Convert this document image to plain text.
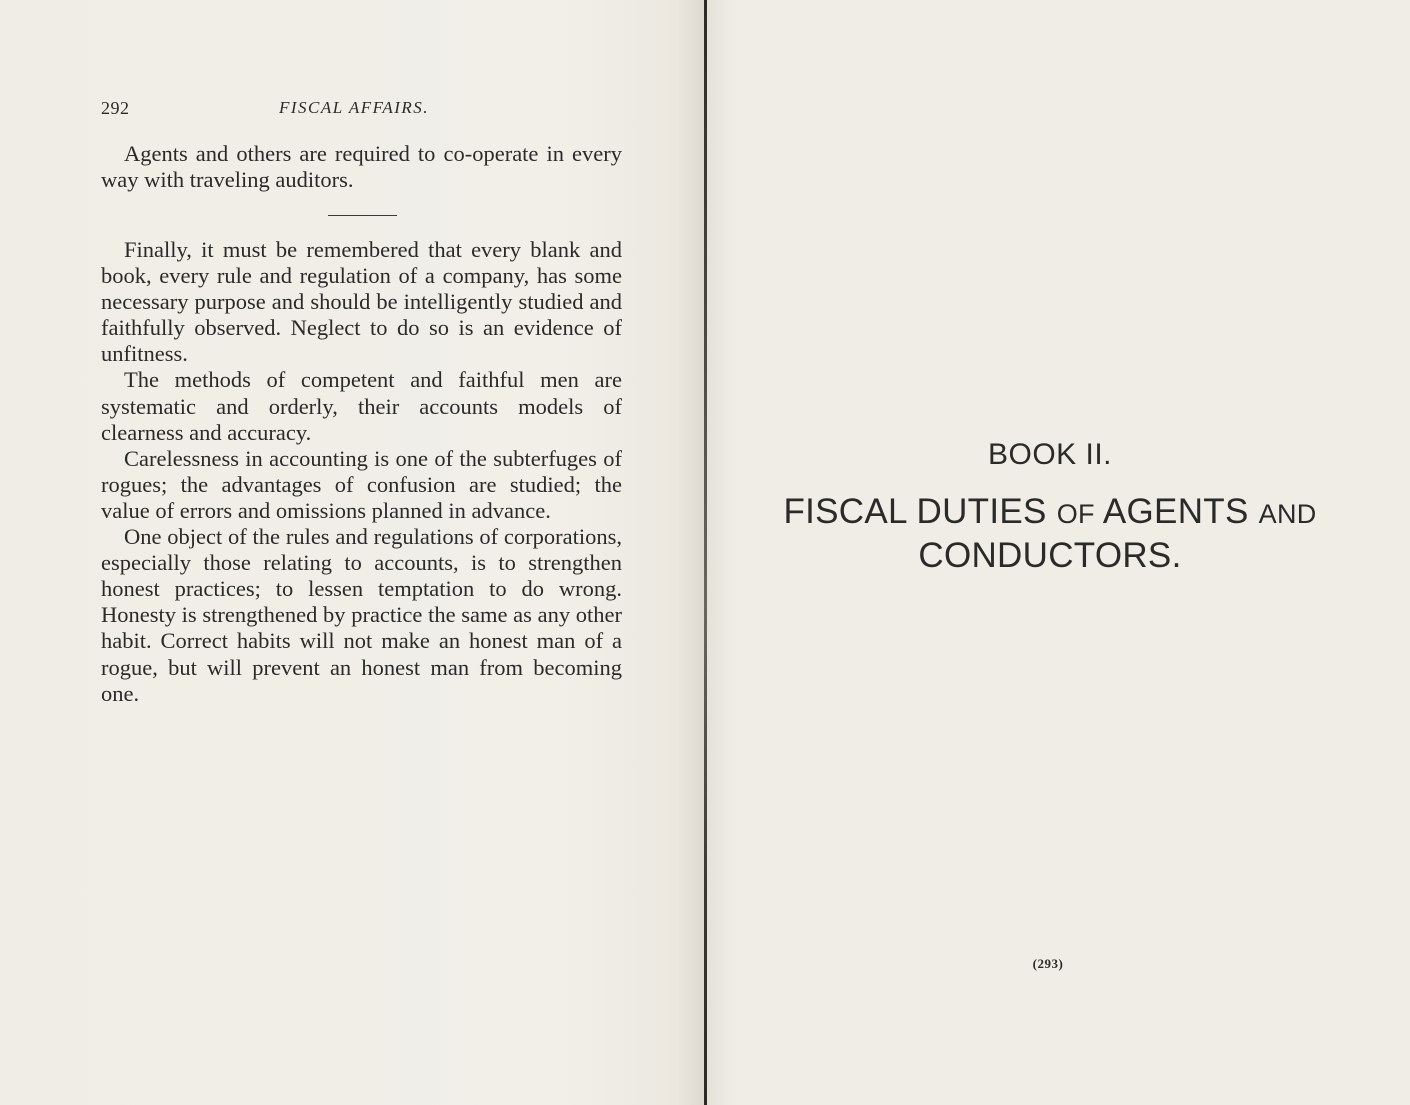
292	FISCAL AFFAIRS.

Agents and others are required to co-operate in every way with traveling auditors.

Finally, it must be remembered that every blank and book, every rule and regulation of a company, has some necessary purpose and should be intelligently studied and faithfully observed. Neglect to do so is an evidence of unfitness.

The methods of competent and faithful men are systematic and orderly, their accounts models of clearness and accuracy.

Carelessness in accounting is one of the subterfuges of rogues; the advantages of confusion are studied; the value of errors and omissions planned in advance.

One object of the rules and regulations of corporations, especially those relating to accounts, is to strengthen honest practices; to lessen temptation to do wrong. Honesty is strengthened by practice the same as any other habit. Correct habits will not make an honest man of a rogue, but will prevent an honest man from becoming one.

BOOK II.
FISCAL DUTIES OF AGENTS AND
CONDUCTORS.
(293)
